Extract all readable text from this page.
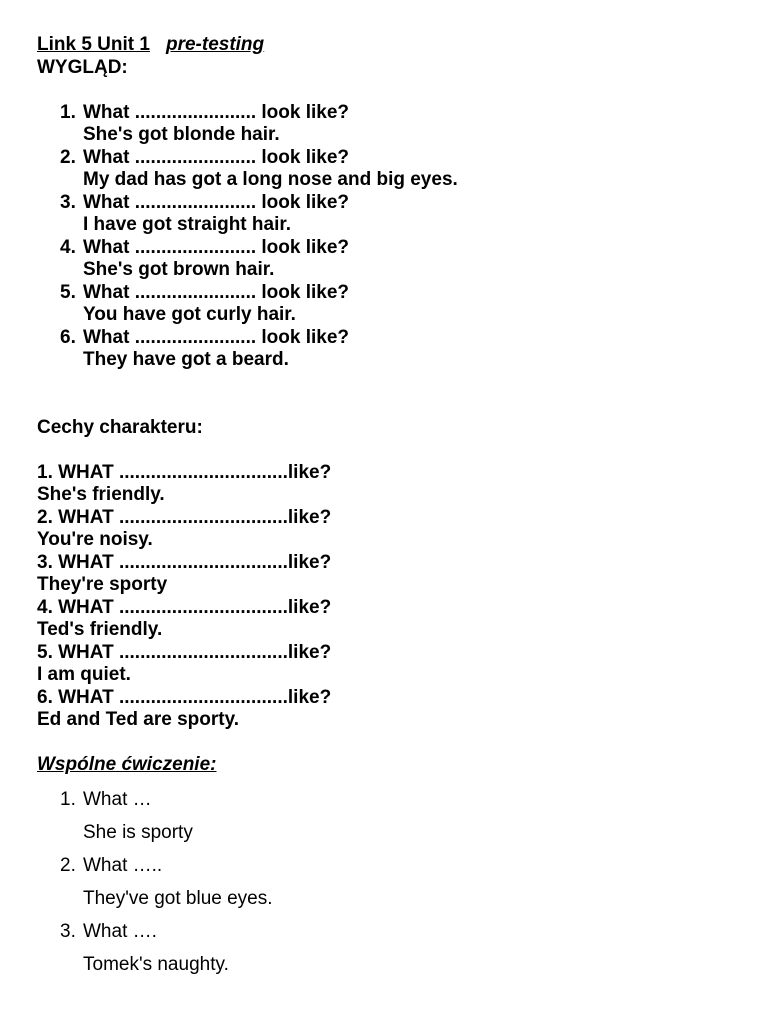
Link 5 Unit 1 pre-testing
WYGLĄD:
1. What ....................... look like?
She's got blonde hair.
2. What ....................... look like?
My dad has got a long nose and big eyes.
3. What ....................... look like?
I have got straight hair.
4. What ....................... look like?
She's got brown hair.
5. What ....................... look like?
You have got curly hair.
6. What ....................... look like?
They have got a beard.
Cechy charakteru:
1. WHAT ................................like?
She's friendly.
2. WHAT ................................like?
You're noisy.
3. WHAT ................................like?
They're sporty
4. WHAT ................................like?
Ted's friendly.
5. WHAT ................................like?
I am quiet.
6. WHAT ................................like?
Ed and Ted are sporty.
Wspólne ćwiczenie:
1. What …
She is sporty
2. What …..
They've got blue eyes.
3. What ….
Tomek's naughty.
